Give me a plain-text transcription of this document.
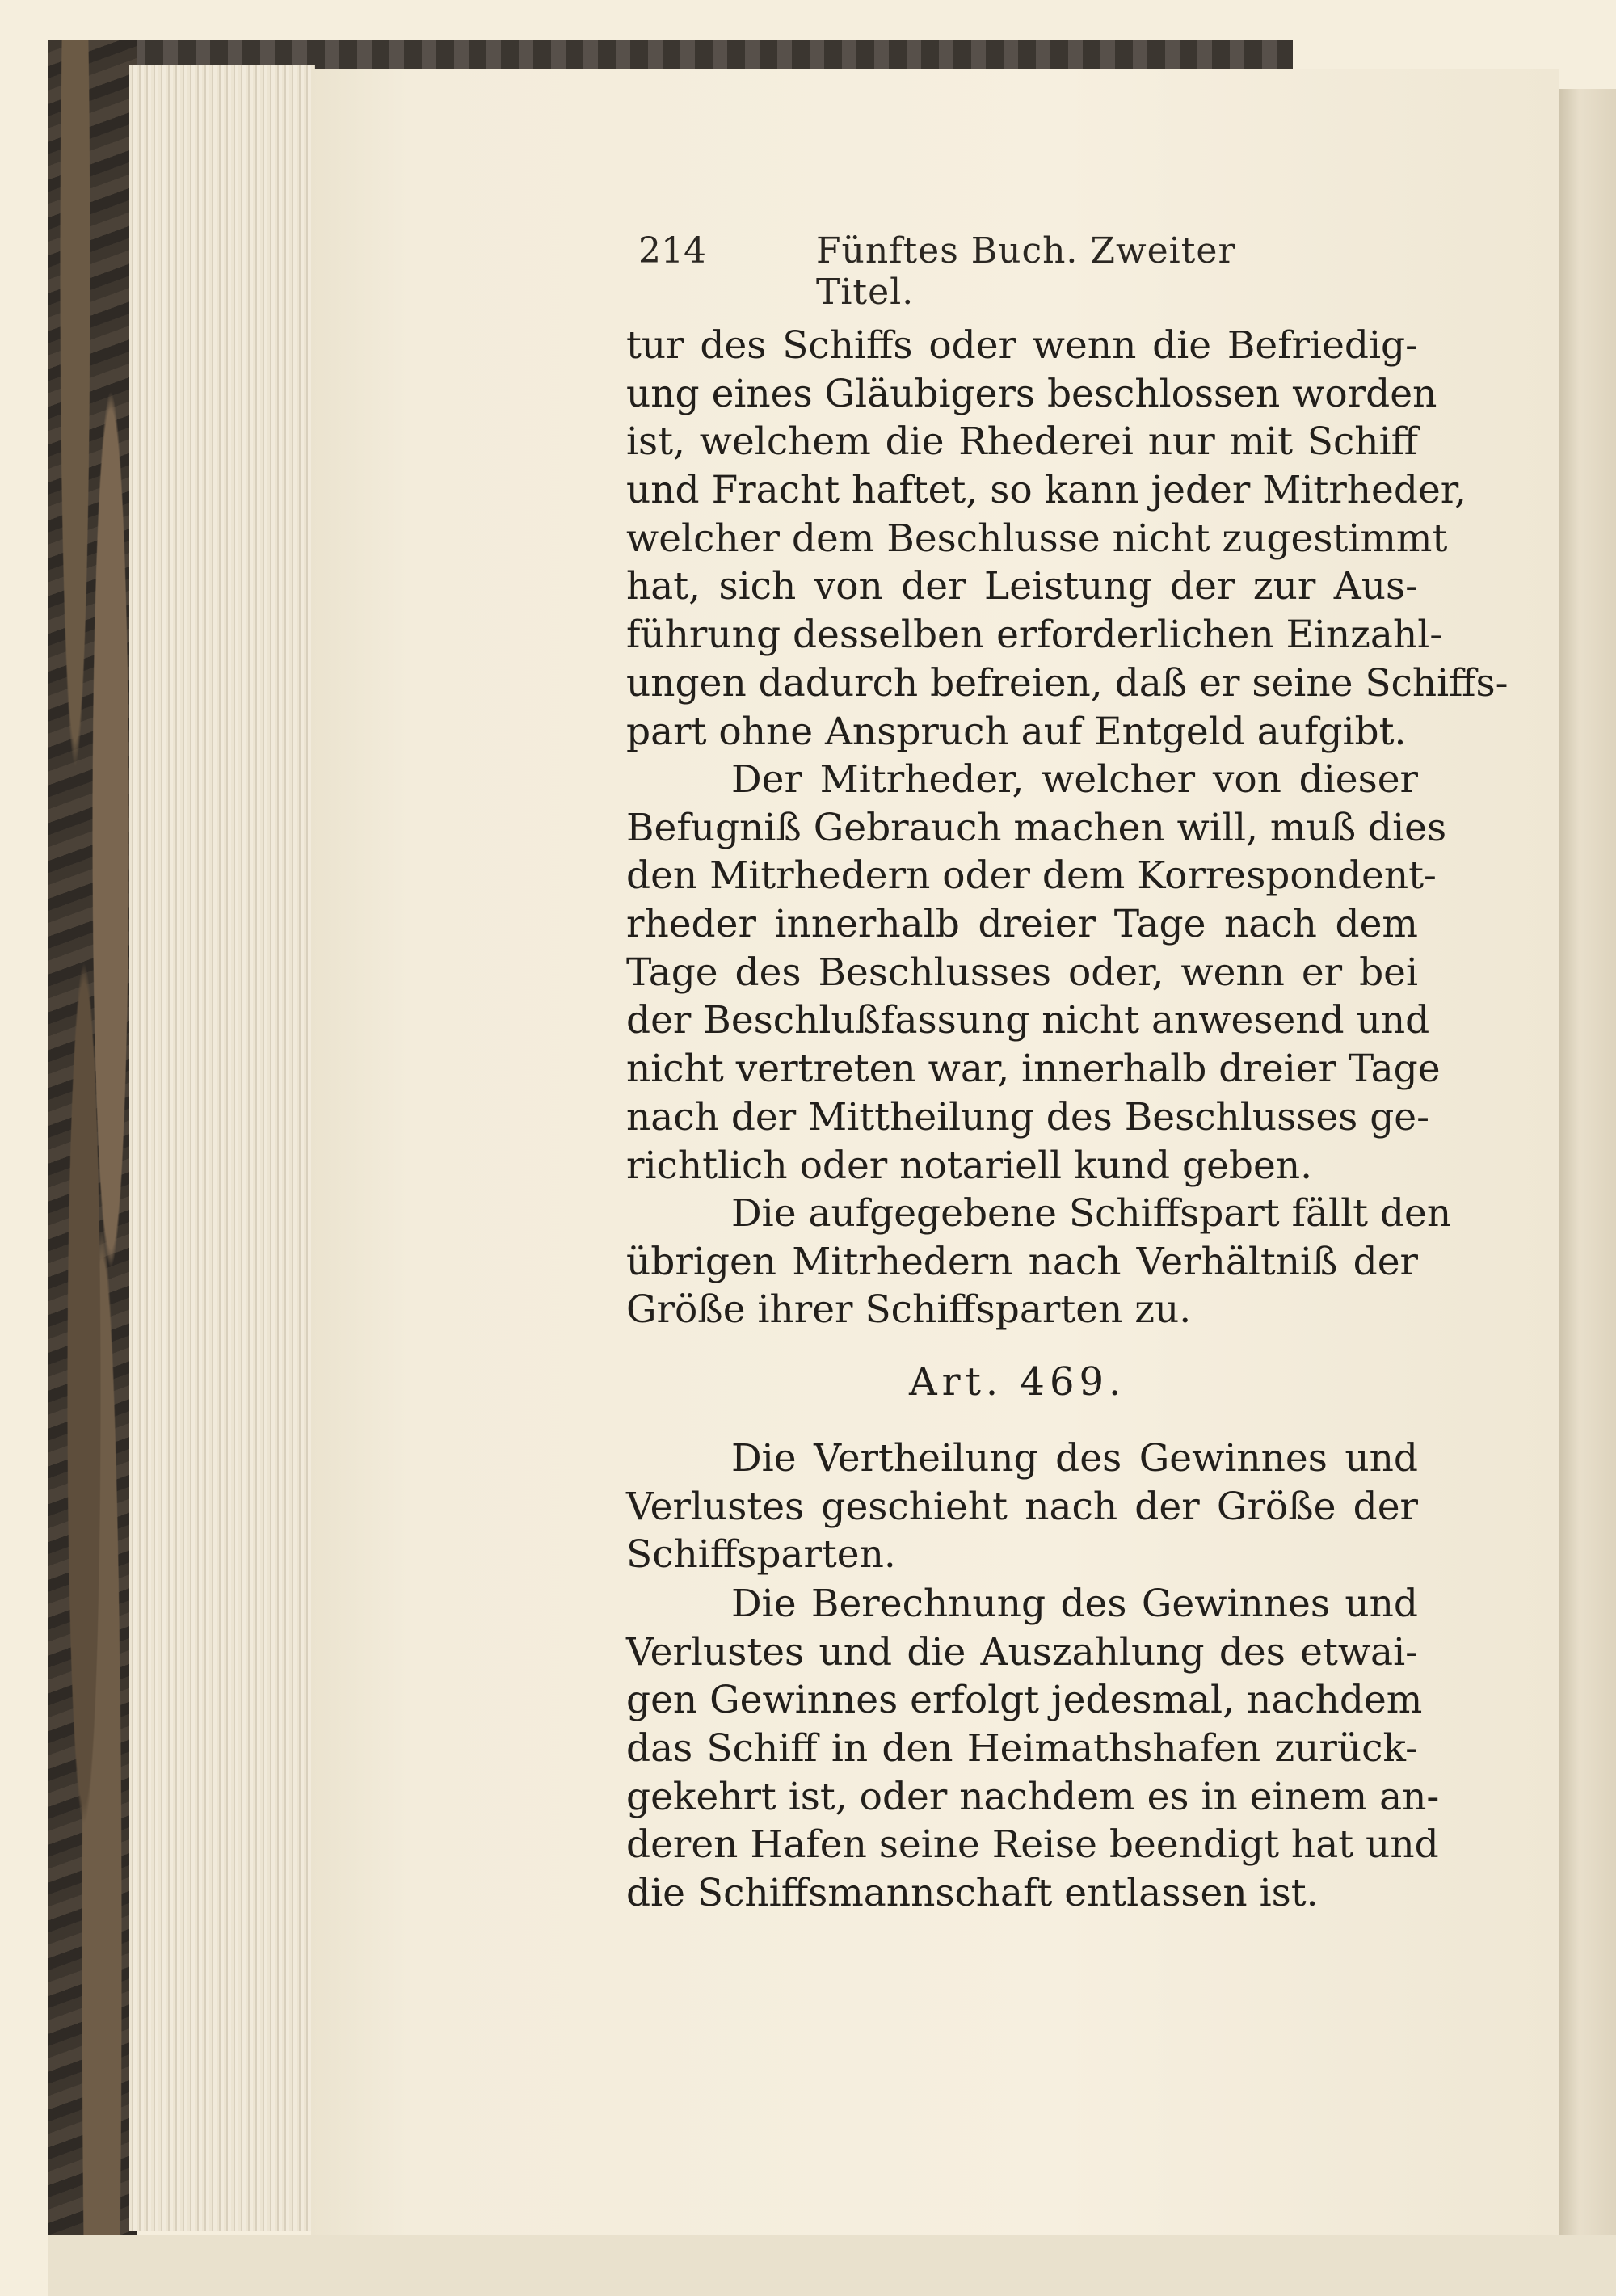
214	Fünftes Buch. Zweiter Titel.
tur des Schiffs oder wenn die Befriedig-
ung eines Gläubigers beschlossen worden
ist, welchem die Rhederei nur mit Schiff
und Fracht haftet, so kann jeder Mitrheder,
welcher dem Beschlusse nicht zugestimmt
hat, sich von der Leistung der zur Aus-
führung desselben erforderlichen Einzahl-
ungen dadurch befreien, daß er seine Schiffs-
part ohne Anspruch auf Entgeld aufgibt.
Der Mitrheder, welcher von dieser
Befugniß Gebrauch machen will, muß dies
den Mitrhedern oder dem Korrespondent-
rheder innerhalb dreier Tage nach dem
Tage des Beschlusses oder, wenn er bei
der Beschlußfassung nicht anwesend und
nicht vertreten war, innerhalb dreier Tage
nach der Mittheilung des Beschlusses ge-
richtlich oder notariell kund geben.
Die aufgegebene Schiffspart fällt den
übrigen Mitrhedern nach Verhältniß der
Größe ihrer Schiffsparten zu.
Art. 469.
Die Vertheilung des Gewinnes und
Verlustes geschieht nach der Größe der
Schiffsparten.
Die Berechnung des Gewinnes und
Verlustes und die Auszahlung des etwai-
gen Gewinnes erfolgt jedesmal, nachdem
das Schiff in den Heimathshafen zurück-
gekehrt ist, oder nachdem es in einem an-
deren Hafen seine Reise beendigt hat und
die Schiffsmannschaft entlassen ist.
